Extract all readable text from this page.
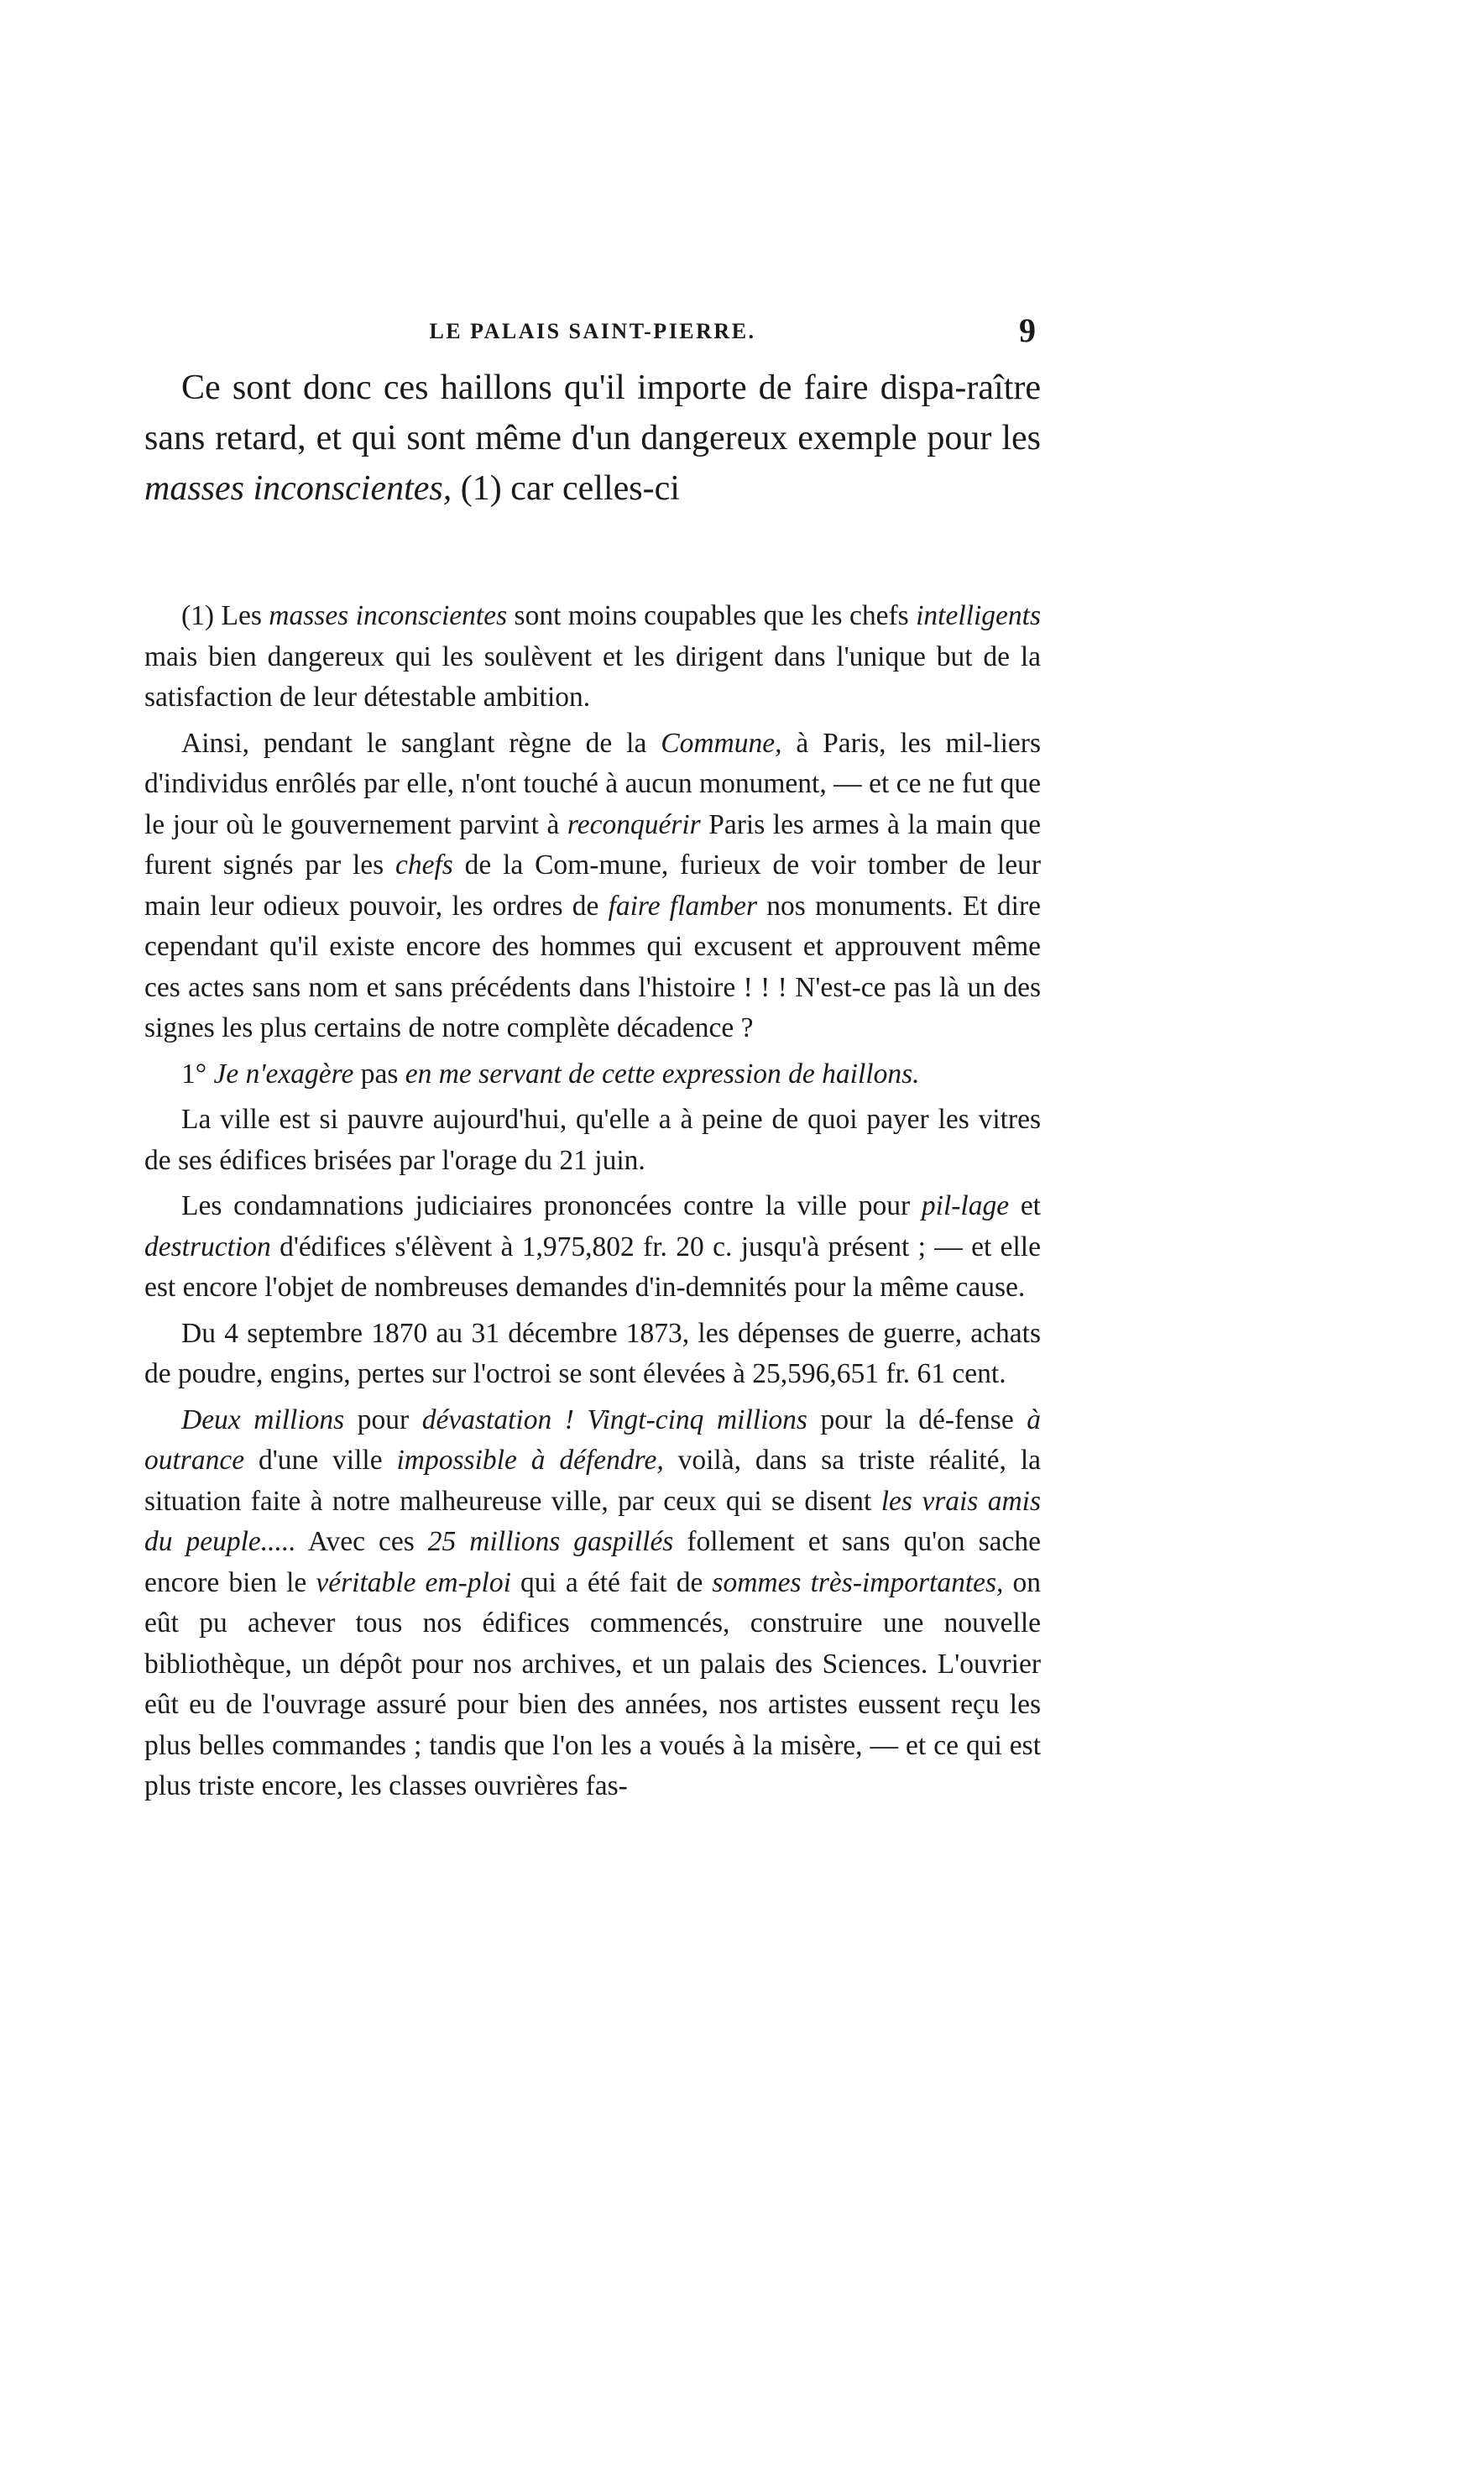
LE PALAIS SAINT-PIERRE.	9

Ce sont donc ces haillons qu'il importe de faire dispa-raître sans retard, et qui sont même d'un dangereux exemple pour les masses inconscientes, (1) car celles-ci

(1) Les masses inconscientes sont moins coupables que les chefs intelligents mais bien dangereux qui les soulèvent et les dirigent dans l'unique but de la satisfaction de leur détestable ambition.

Ainsi, pendant le sanglant règne de la Commune, à Paris, les mil-liers d'individus enrôlés par elle, n'ont touché à aucun monument, — et ce ne fut que le jour où le gouvernement parvint à reconquérir Paris les armes à la main que furent signés par les chefs de la Com-mune, furieux de voir tomber de leur main leur odieux pouvoir, les ordres de faire flamber nos monuments. Et dire cependant qu'il existe encore des hommes qui excusent et approuvent même ces actes sans nom et sans précédents dans l'histoire ! ! ! N'est-ce pas là un des signes les plus certains de notre complète décadence ?

1° Je n'exagère pas en me servant de cette expression de haillons.

La ville est si pauvre aujourd'hui, qu'elle a à peine de quoi payer les vitres de ses édifices brisées par l'orage du 21 juin.

Les condamnations judiciaires prononcées contre la ville pour pil-lage et destruction d'édifices s'élèvent à 1,975,802 fr. 20 c. jusqu'à présent ; — et elle est encore l'objet de nombreuses demandes d'in-demnités pour la même cause.

Du 4 septembre 1870 au 31 décembre 1873, les dépenses de guerre, achats de poudre, engins, pertes sur l'octroi se sont élevées à 25,596,651 fr. 61 cent.

Deux millions pour dévastation ! Vingt-cinq millions pour la dé-fense à outrance d'une ville impossible à défendre, voilà, dans sa triste réalité, la situation faite à notre malheureuse ville, par ceux qui se disent les vrais amis du peuple..... Avec ces 25 millions gaspillés follement et sans qu'on sache encore bien le véritable em-ploi qui a été fait de sommes très-importantes, on eût pu achever tous nos édifices commencés, construire une nouvelle bibliothèque, un dépôt pour nos archives, et un palais des Sciences. L'ouvrier eût eu de l'ouvrage assuré pour bien des années, nos artistes eussent reçu les plus belles commandes ; tandis que l'on les a voués à la misère, — et ce qui est plus triste encore, les classes ouvrières fas-
